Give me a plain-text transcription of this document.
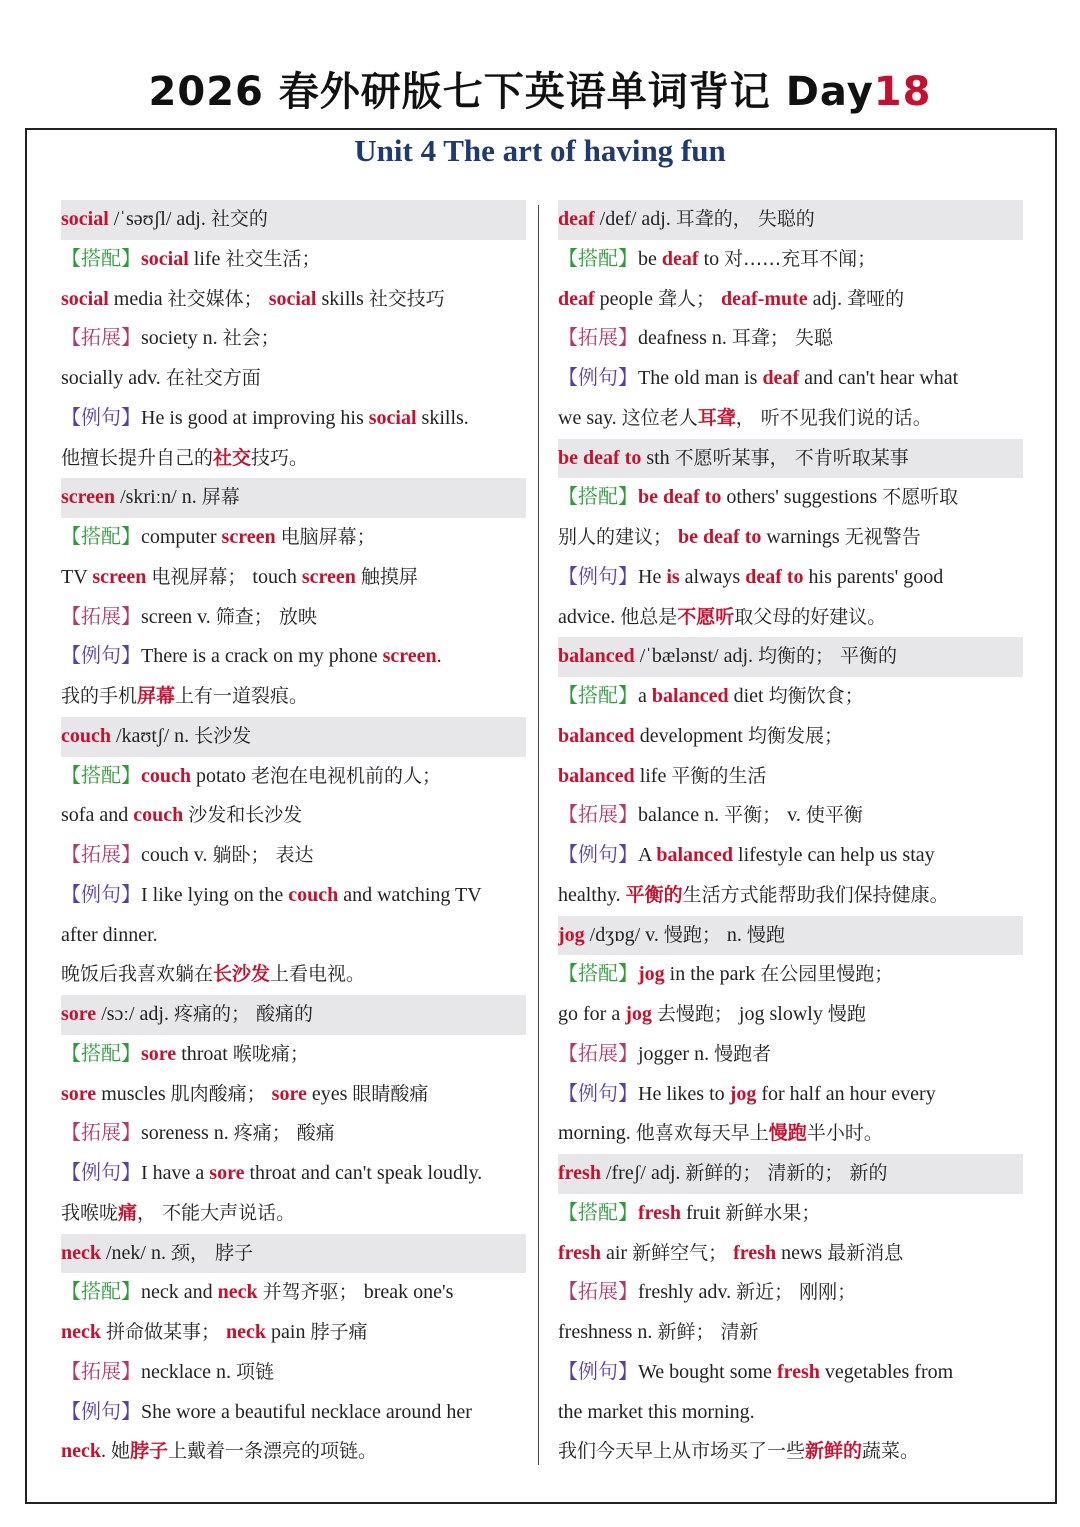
2026 春外研版七下英语单词背记 Day18
Unit 4 The art of having fun
social /ˈsəʊʃl/ adj. 社交的
【搭配】social life 社交生活；
social media 社交媒体； social skills 社交技巧
【拓展】society n. 社会；
socially adv. 在社交方面
【例句】He is good at improving his social skills.
他擅长提升自己的社交技巧。
screen /skriːn/ n. 屏幕
【搭配】computer screen 电脑屏幕；
TV screen 电视屏幕； touch screen 触摸屏
【拓展】screen v. 筛查； 放映
【例句】There is a crack on my phone screen.
我的手机屏幕上有一道裂痕。
couch /kaʊtʃ/ n. 长沙发
【搭配】couch potato 老泡在电视机前的人；
sofa and couch 沙发和长沙发
【拓展】couch v. 躺卧； 表达
【例句】I like lying on the couch and watching TV
after dinner.
晚饭后我喜欢躺在长沙发上看电视。
sore /sɔː/ adj. 疼痛的； 酸痛的
【搭配】sore throat 喉咙痛；
sore muscles 肌肉酸痛； sore eyes 眼睛酸痛
【拓展】soreness n. 疼痛； 酸痛
【例句】I have a sore throat and can't speak loudly.
我喉咙痛， 不能大声说话。
neck /nek/ n. 颈， 脖子
【搭配】neck and neck 并驾齐驱； break one's
neck 拼命做某事； neck pain 脖子痛
【拓展】necklace n. 项链
【例句】She wore a beautiful necklace around her
neck. 她脖子上戴着一条漂亮的项链。
deaf /def/ adj. 耳聋的， 失聪的
【搭配】be deaf to 对……充耳不闻；
deaf people 聋人； deaf-mute adj. 聋哑的
【拓展】deafness n. 耳聋； 失聪
【例句】The old man is deaf and can't hear what
we say. 这位老人耳聋， 听不见我们说的话。
be deaf to sth 不愿听某事， 不肯听取某事
【搭配】be deaf to others' suggestions 不愿听取
别人的建议； be deaf to warnings 无视警告
【例句】He is always deaf to his parents' good
advice. 他总是不愿听取父母的好建议。
balanced /ˈbælənst/ adj. 均衡的； 平衡的
【搭配】a balanced diet 均衡饮食；
balanced development 均衡发展；
balanced life 平衡的生活
【拓展】balance n. 平衡； v. 使平衡
【例句】A balanced lifestyle can help us stay
healthy. 平衡的生活方式能帮助我们保持健康。
jog /dʒɒg/ v. 慢跑； n. 慢跑
【搭配】jog in the park 在公园里慢跑；
go for a jog 去慢跑； jog slowly 慢跑
【拓展】jogger n. 慢跑者
【例句】He likes to jog for half an hour every
morning. 他喜欢每天早上慢跑半小时。
fresh /freʃ/ adj. 新鲜的； 清新的； 新的
【搭配】fresh fruit 新鲜水果；
fresh air 新鲜空气； fresh news 最新消息
【拓展】freshly adv. 新近； 刚刚；
freshness n. 新鲜； 清新
【例句】We bought some fresh vegetables from
the market this morning.
我们今天早上从市场买了一些新鲜的蔬菜。
